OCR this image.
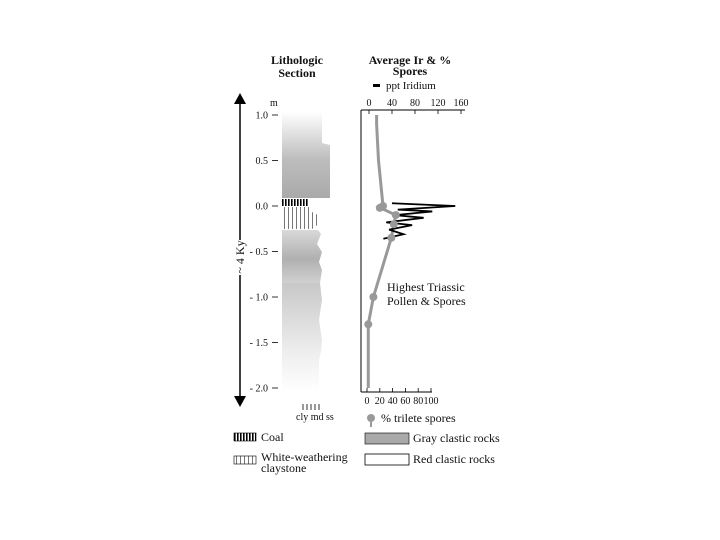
Lithologic
Section
Average Ir & %
Spores
ppt Iridium
~ 4 Ky
m
1.0
0.5
0.0
- 0.5
- 1.0
- 1.5
- 2.0
cly md ss
0 40 80 120 160
0 20 40 60 80 100
Highest Triassic
Pollen & Spores
% trilete spores
Coal
White-weathering
claystone
Gray clastic rocks
Red clastic rocks
